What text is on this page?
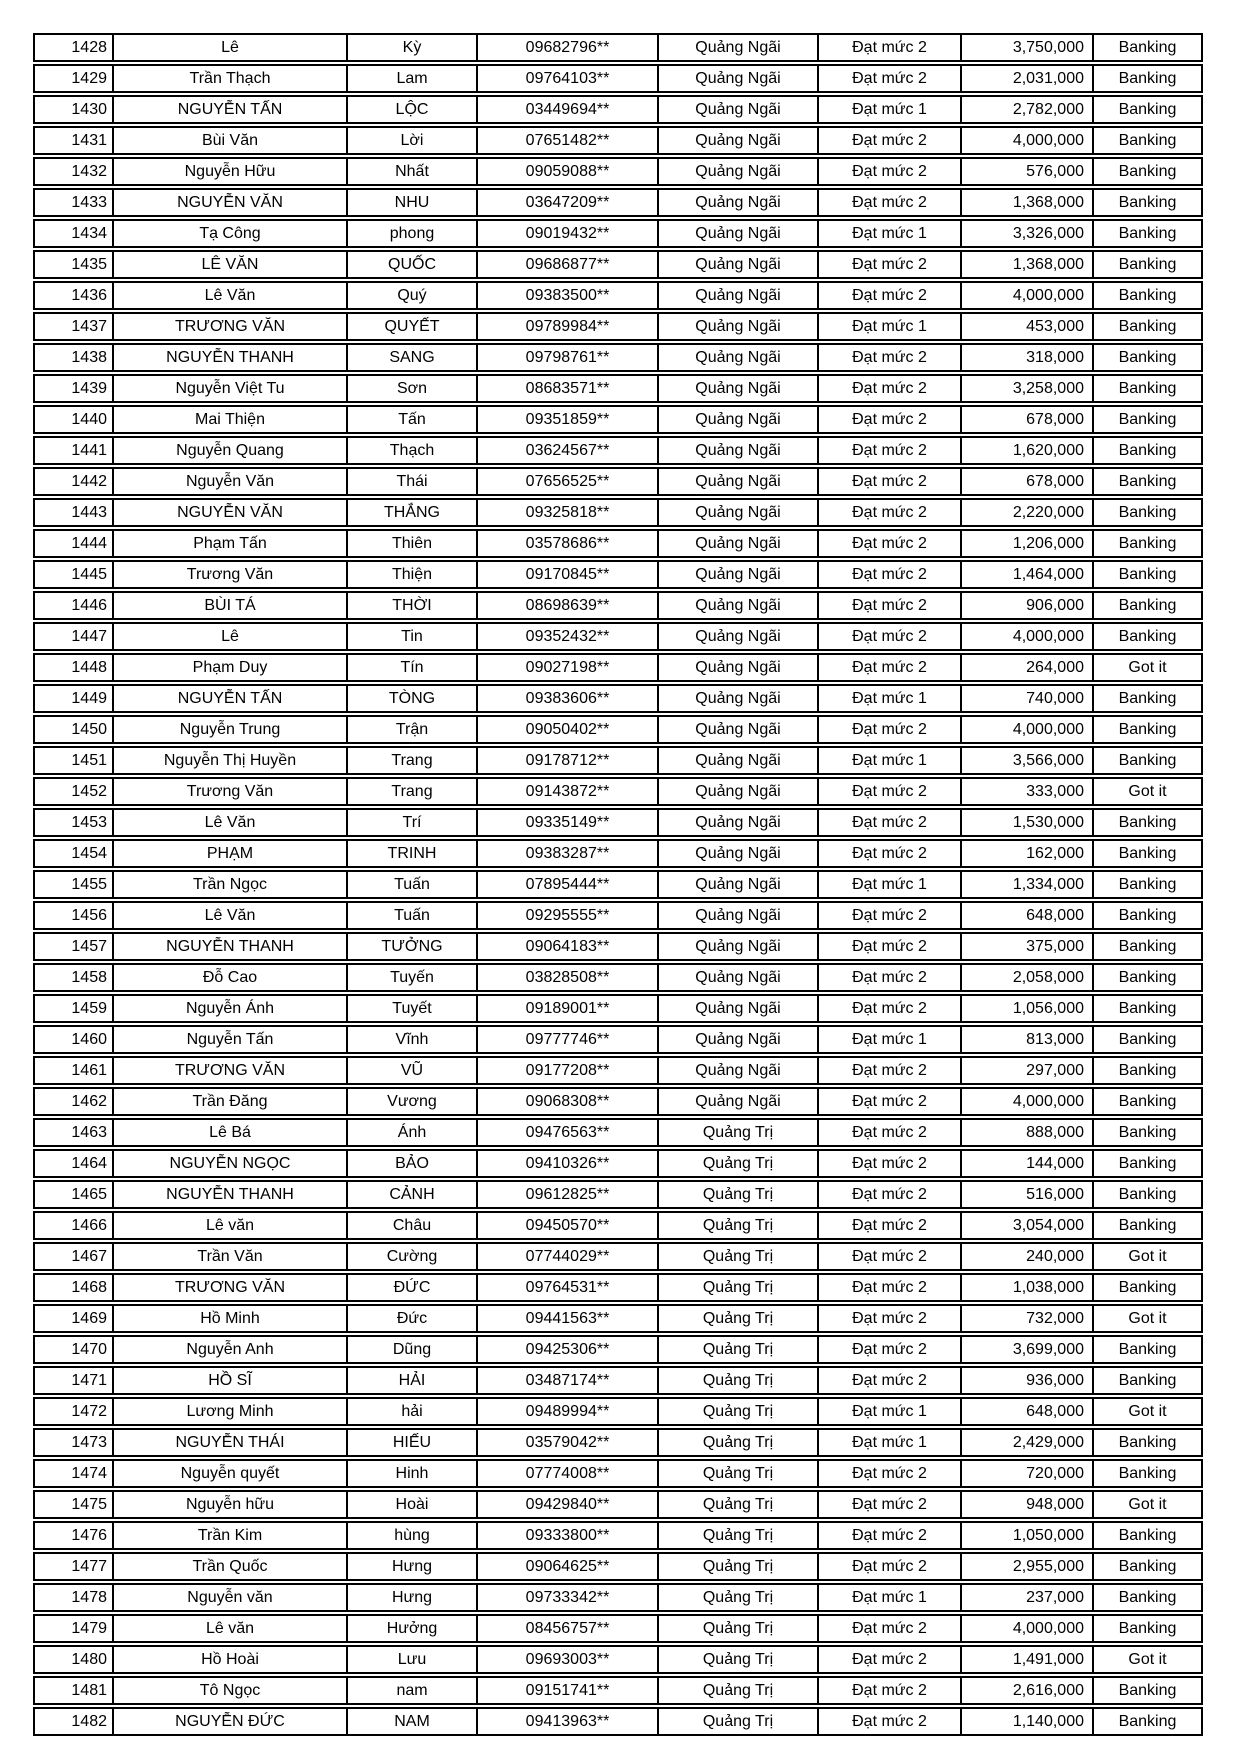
1428	Lê	Kỳ	09682796**	Quảng Ngãi	Đạt mức 2	3,750,000	Banking
1429	Trần Thạch	Lam	09764103**	Quảng Ngãi	Đạt mức 2	2,031,000	Banking
1430	NGUYỄN TẤN	LỘC	03449694**	Quảng Ngãi	Đạt mức 1	2,782,000	Banking
1431	Bùi Văn	Lời	07651482**	Quảng Ngãi	Đạt mức 2	4,000,000	Banking
1432	Nguyễn Hữu	Nhất	09059088**	Quảng Ngãi	Đạt mức 2	576,000	Banking
1433	NGUYỄN VĂN	NHU	03647209**	Quảng Ngãi	Đạt mức 2	1,368,000	Banking
1434	Tạ Công	phong	09019432**	Quảng Ngãi	Đạt mức 1	3,326,000	Banking
1435	LÊ VĂN	QUỐC	09686877**	Quảng Ngãi	Đạt mức 2	1,368,000	Banking
1436	Lê Văn	Quý	09383500**	Quảng Ngãi	Đạt mức 2	4,000,000	Banking
1437	TRƯƠNG VĂN	QUYẾT	09789984**	Quảng Ngãi	Đạt mức 1	453,000	Banking
1438	NGUYỄN THANH	SANG	09798761**	Quảng Ngãi	Đạt mức 2	318,000	Banking
1439	Nguyễn Việt Tu	Sơn	08683571**	Quảng Ngãi	Đạt mức 2	3,258,000	Banking
1440	Mai Thiện	Tấn	09351859**	Quảng Ngãi	Đạt mức 2	678,000	Banking
1441	Nguyễn Quang	Thạch	03624567**	Quảng Ngãi	Đạt mức 2	1,620,000	Banking
1442	Nguyễn Văn	Thái	07656525**	Quảng Ngãi	Đạt mức 2	678,000	Banking
1443	NGUYỄN VĂN	THẮNG	09325818**	Quảng Ngãi	Đạt mức 2	2,220,000	Banking
1444	Phạm Tấn	Thiên	03578686**	Quảng Ngãi	Đạt mức 2	1,206,000	Banking
1445	Trương Văn	Thiện	09170845**	Quảng Ngãi	Đạt mức 2	1,464,000	Banking
1446	BÙI TÁ	THỜI	08698639**	Quảng Ngãi	Đạt mức 2	906,000	Banking
1447	Lê	Tin	09352432**	Quảng Ngãi	Đạt mức 2	4,000,000	Banking
1448	Phạm Duy	Tín	09027198**	Quảng Ngãi	Đạt mức 2	264,000	Got it
1449	NGUYỄN TẤN	TÒNG	09383606**	Quảng Ngãi	Đạt mức 1	740,000	Banking
1450	Nguyễn Trung	Trận	09050402**	Quảng Ngãi	Đạt mức 2	4,000,000	Banking
1451	Nguyễn Thị Huyền	Trang	09178712**	Quảng Ngãi	Đạt mức 1	3,566,000	Banking
1452	Trương Văn	Trang	09143872**	Quảng Ngãi	Đạt mức 2	333,000	Got it
1453	Lê Văn	Trí	09335149**	Quảng Ngãi	Đạt mức 2	1,530,000	Banking
1454	PHẠM	TRINH	09383287**	Quảng Ngãi	Đạt mức 2	162,000	Banking
1455	Trần Ngọc	Tuấn	07895444**	Quảng Ngãi	Đạt mức 1	1,334,000	Banking
1456	Lê Văn	Tuấn	09295555**	Quảng Ngãi	Đạt mức 2	648,000	Banking
1457	NGUYỄN THANH	TƯỞNG	09064183**	Quảng Ngãi	Đạt mức 2	375,000	Banking
1458	Đỗ Cao	Tuyến	03828508**	Quảng Ngãi	Đạt mức 2	2,058,000	Banking
1459	Nguyễn Ánh	Tuyết	09189001**	Quảng Ngãi	Đạt mức 2	1,056,000	Banking
1460	Nguyễn Tấn	Vĩnh	09777746**	Quảng Ngãi	Đạt mức 1	813,000	Banking
1461	TRƯƠNG VĂN	VŨ	09177208**	Quảng Ngãi	Đạt mức 2	297,000	Banking
1462	Trần Đăng	Vương	09068308**	Quảng Ngãi	Đạt mức 2	4,000,000	Banking
1463	Lê Bá	Ánh	09476563**	Quảng Trị	Đạt mức 2	888,000	Banking
1464	NGUYỄN NGỌC	BẢO	09410326**	Quảng Trị	Đạt mức 2	144,000	Banking
1465	NGUYỄN THANH	CẢNH	09612825**	Quảng Trị	Đạt mức 2	516,000	Banking
1466	Lê văn	Châu	09450570**	Quảng Trị	Đạt mức 2	3,054,000	Banking
1467	Trần Văn	Cường	07744029**	Quảng Trị	Đạt mức 2	240,000	Got it
1468	TRƯƠNG VĂN	ĐỨC	09764531**	Quảng Trị	Đạt mức 2	1,038,000	Banking
1469	Hồ Minh	Đức	09441563**	Quảng Trị	Đạt mức 2	732,000	Got it
1470	Nguyễn Anh	Dũng	09425306**	Quảng Trị	Đạt mức 2	3,699,000	Banking
1471	HỒ SĨ	HẢI	03487174**	Quảng Trị	Đạt mức 2	936,000	Banking
1472	Lương Minh	hải	09489994**	Quảng Trị	Đạt mức 1	648,000	Got it
1473	NGUYỄN THÁI	HIẾU	03579042**	Quảng Trị	Đạt mức 1	2,429,000	Banking
1474	Nguyễn quyết	Hinh	07774008**	Quảng Trị	Đạt mức 2	720,000	Banking
1475	Nguyễn hữu	Hoài	09429840**	Quảng Trị	Đạt mức 2	948,000	Got it
1476	Trần Kim	hùng	09333800**	Quảng Trị	Đạt mức 2	1,050,000	Banking
1477	Trần Quốc	Hưng	09064625**	Quảng Trị	Đạt mức 2	2,955,000	Banking
1478	Nguyễn văn	Hưng	09733342**	Quảng Trị	Đạt mức 1	237,000	Banking
1479	Lê văn	Hưởng	08456757**	Quảng Trị	Đạt mức 2	4,000,000	Banking
1480	Hồ Hoài	Lưu	09693003**	Quảng Trị	Đạt mức 2	1,491,000	Got it
1481	Tô Ngọc	nam	09151741**	Quảng Trị	Đạt mức 2	2,616,000	Banking
1482	NGUYỄN ĐỨC	NAM	09413963**	Quảng Trị	Đạt mức 2	1,140,000	Banking
